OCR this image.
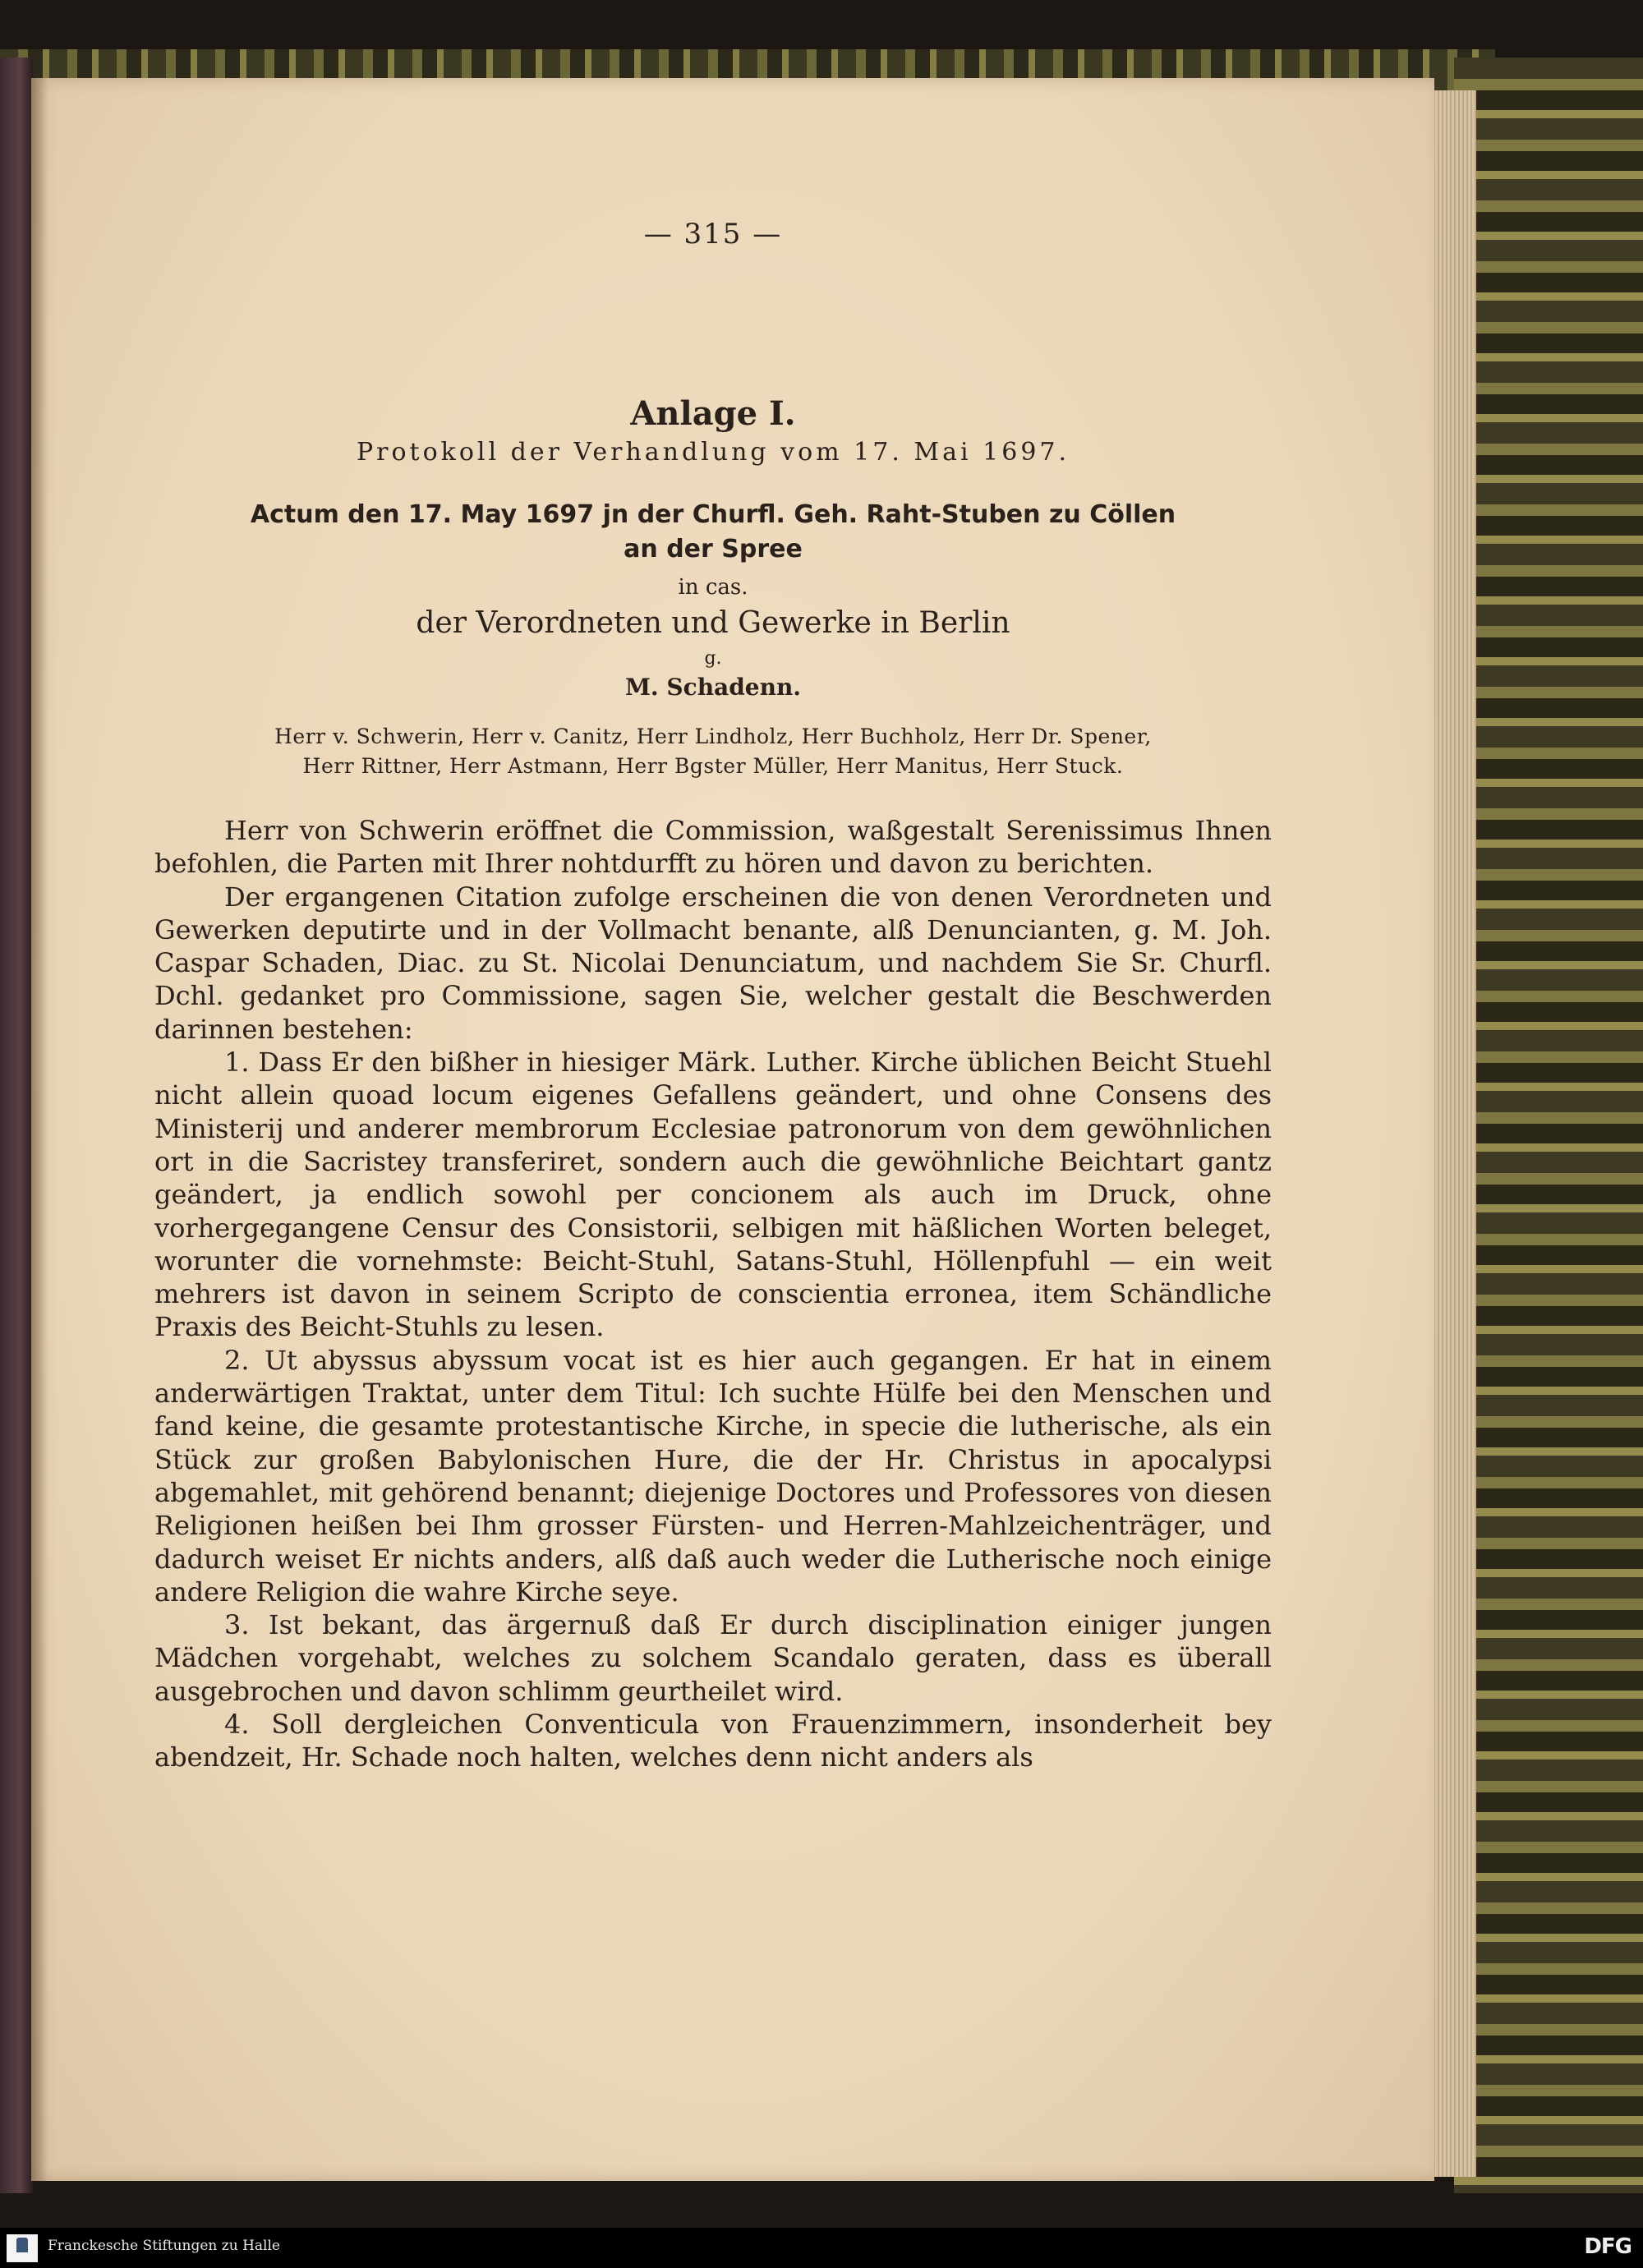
— 315 —

Anlage I.

Protokoll der Verhandlung vom 17. Mai 1697.

Actum den 17. May 1697 jn der Churfl. Geh. Raht-Stuben zu Cöllen
an der Spree

in cas.

der Verordneten und Gewerke in Berlin

g.

M. Schadenn.

Herr v. Schwerin, Herr v. Canitz, Herr Lindholz, Herr Buchholz, Herr Dr. Spener,
Herr Rittner, Herr Astmann, Herr Bgster Müller, Herr Manitus, Herr Stuck.

Herr von Schwerin eröffnet die Commission, waßgestalt Serenissimus Ihnen befohlen, die Parten mit Ihrer nohtdurfft zu hören und davon zu berichten.

Der ergangenen Citation zufolge erscheinen die von denen Verordneten und Gewerken deputirte und in der Vollmacht benante, alß Denuncianten, g. M. Joh. Caspar Schaden, Diac. zu St. Nicolai Denunciatum, und nachdem Sie Sr. Churfl. Dchl. gedanket pro Commissione, sagen Sie, welcher gestalt die Beschwerden darinnen bestehen:

1. Dass Er den bißher in hiesiger Märk. Luther. Kirche üblichen Beicht Stuehl nicht allein quoad locum eigenes Gefallens geändert, und ohne Consens des Ministerij und anderer membrorum Ecclesiae patronorum von dem gewöhnlichen ort in die Sacristey transferiret, sondern auch die gewöhnliche Beichtart gantz geändert, ja endlich sowohl per concionem als auch im Druck, ohne vorhergegangene Censur des Consistorii, selbigen mit häßlichen Worten beleget, worunter die vornehmste: Beicht-Stuhl, Satans-Stuhl, Höllenpfuhl — ein weit mehrers ist davon in seinem Scripto de conscientia erronea, item Schändliche Praxis des Beicht-Stuhls zu lesen.

2. Ut abyssus abyssum vocat ist es hier auch gegangen. Er hat in einem anderwärtigen Traktat, unter dem Titul: Ich suchte Hülfe bei den Menschen und fand keine, die gesamte protestantische Kirche, in specie die lutherische, als ein Stück zur großen Babylonischen Hure, die der Hr. Christus in apocalypsi abgemahlet, mit gehörend benannt; diejenige Doctores und Professores von diesen Religionen heißen bei Ihm grosser Fürsten- und Herren-Mahlzeichenträger, und dadurch weiset Er nichts anders, alß daß auch weder die Lutherische noch einige andere Religion die wahre Kirche seye.

3. Ist bekant, das ärgernuß daß Er durch disciplination einiger jungen Mädchen vorgehabt, welches zu solchem Scandalo geraten, dass es überall ausgebrochen und davon schlimm geurtheilet wird.

4. Soll dergleichen Conventicula von Frauenzimmern, insonderheit bey abendzeit, Hr. Schade noch halten, welches denn nicht anders als

Franckesche Stiftungen zu Halle	DFG
